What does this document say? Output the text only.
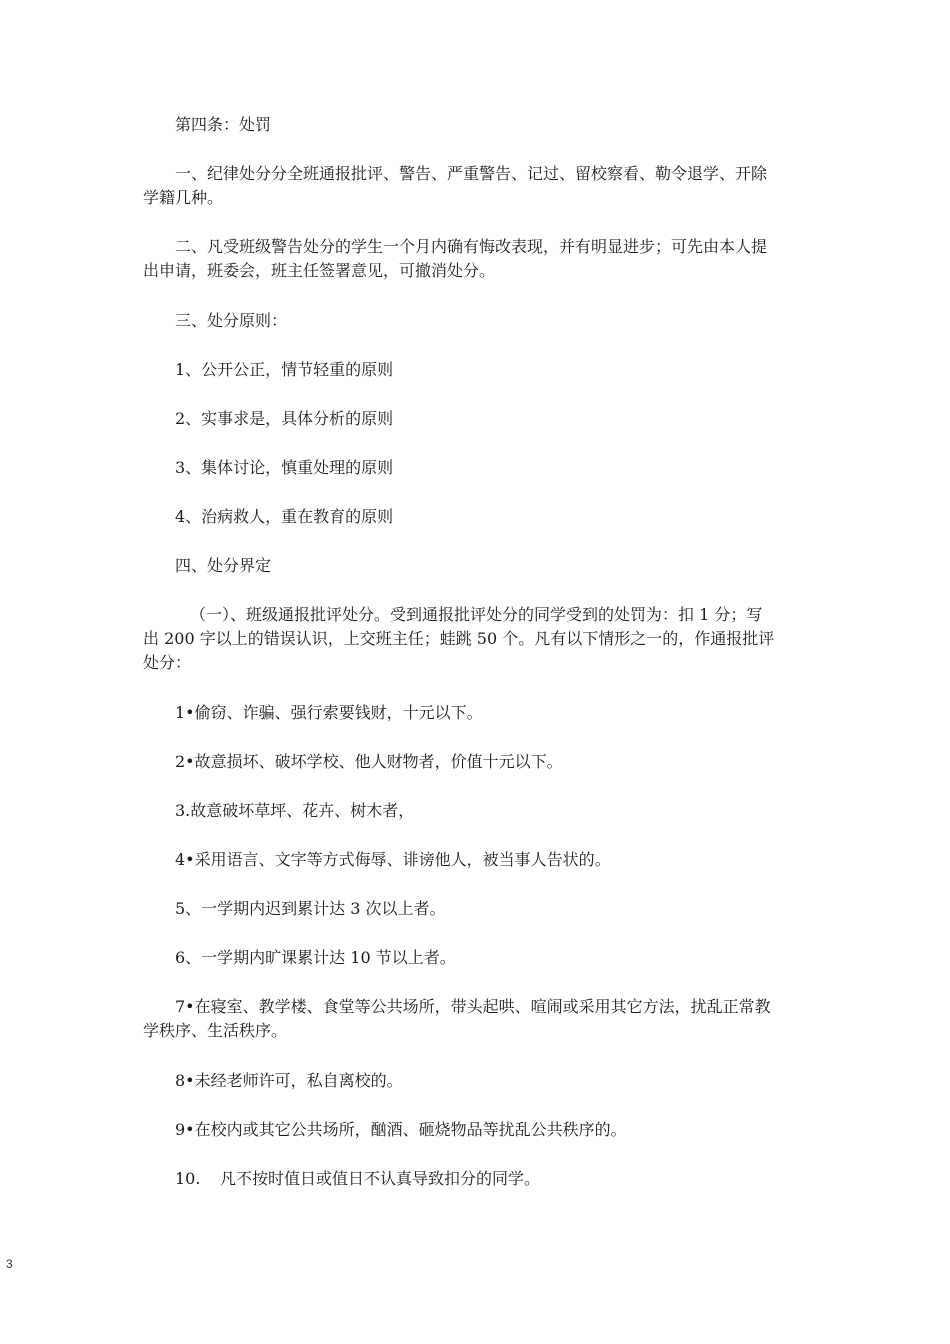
第四条：处罚
一、纪律处分分全班通报批评、警告、严重警告、记过、留校察看、勒令退学、开除
学籍几种。
二、凡受班级警告处分的学生一个月内确有悔改表现，并有明显进步；可先由本人提
出申请，班委会，班主任签署意见，可撤消处分。
三、处分原则：
1、公开公正，情节轻重的原则
2、实事求是，具体分析的原则
3、集体讨论，慎重处理的原则
4、治病救人，重在教育的原则
四、处分界定
（一）、班级通报批评处分。受到通报批评处分的同学受到的处罚为：扣 1 分；写
出 200 字以上的错误认识，上交班主任；蛙跳 50 个。凡有以下情形之一的，作通报批评
处分：
1•偷窃、诈骗、强行索要钱财，十元以下。
2•故意损坏、破坏学校、他人财物者，价值十元以下。
3.故意破坏草坪、花卉、树木者，
4•采用语言、文字等方式侮辱、诽谤他人，被当事人告状的。
5、一学期内迟到累计达 3 次以上者。
6、一学期内旷课累计达 10 节以上者。
7•在寝室、教学楼、食堂等公共场所，带头起哄、喧闹或采用其它方法，扰乱正常教
学秩序、生活秩序。
8•未经老师许可，私自离校的。
9•在校内或其它公共场所，酗酒、砸烧物品等扰乱公共秩序的。
10.	凡不按时值日或值日不认真导致扣分的同学。
3
